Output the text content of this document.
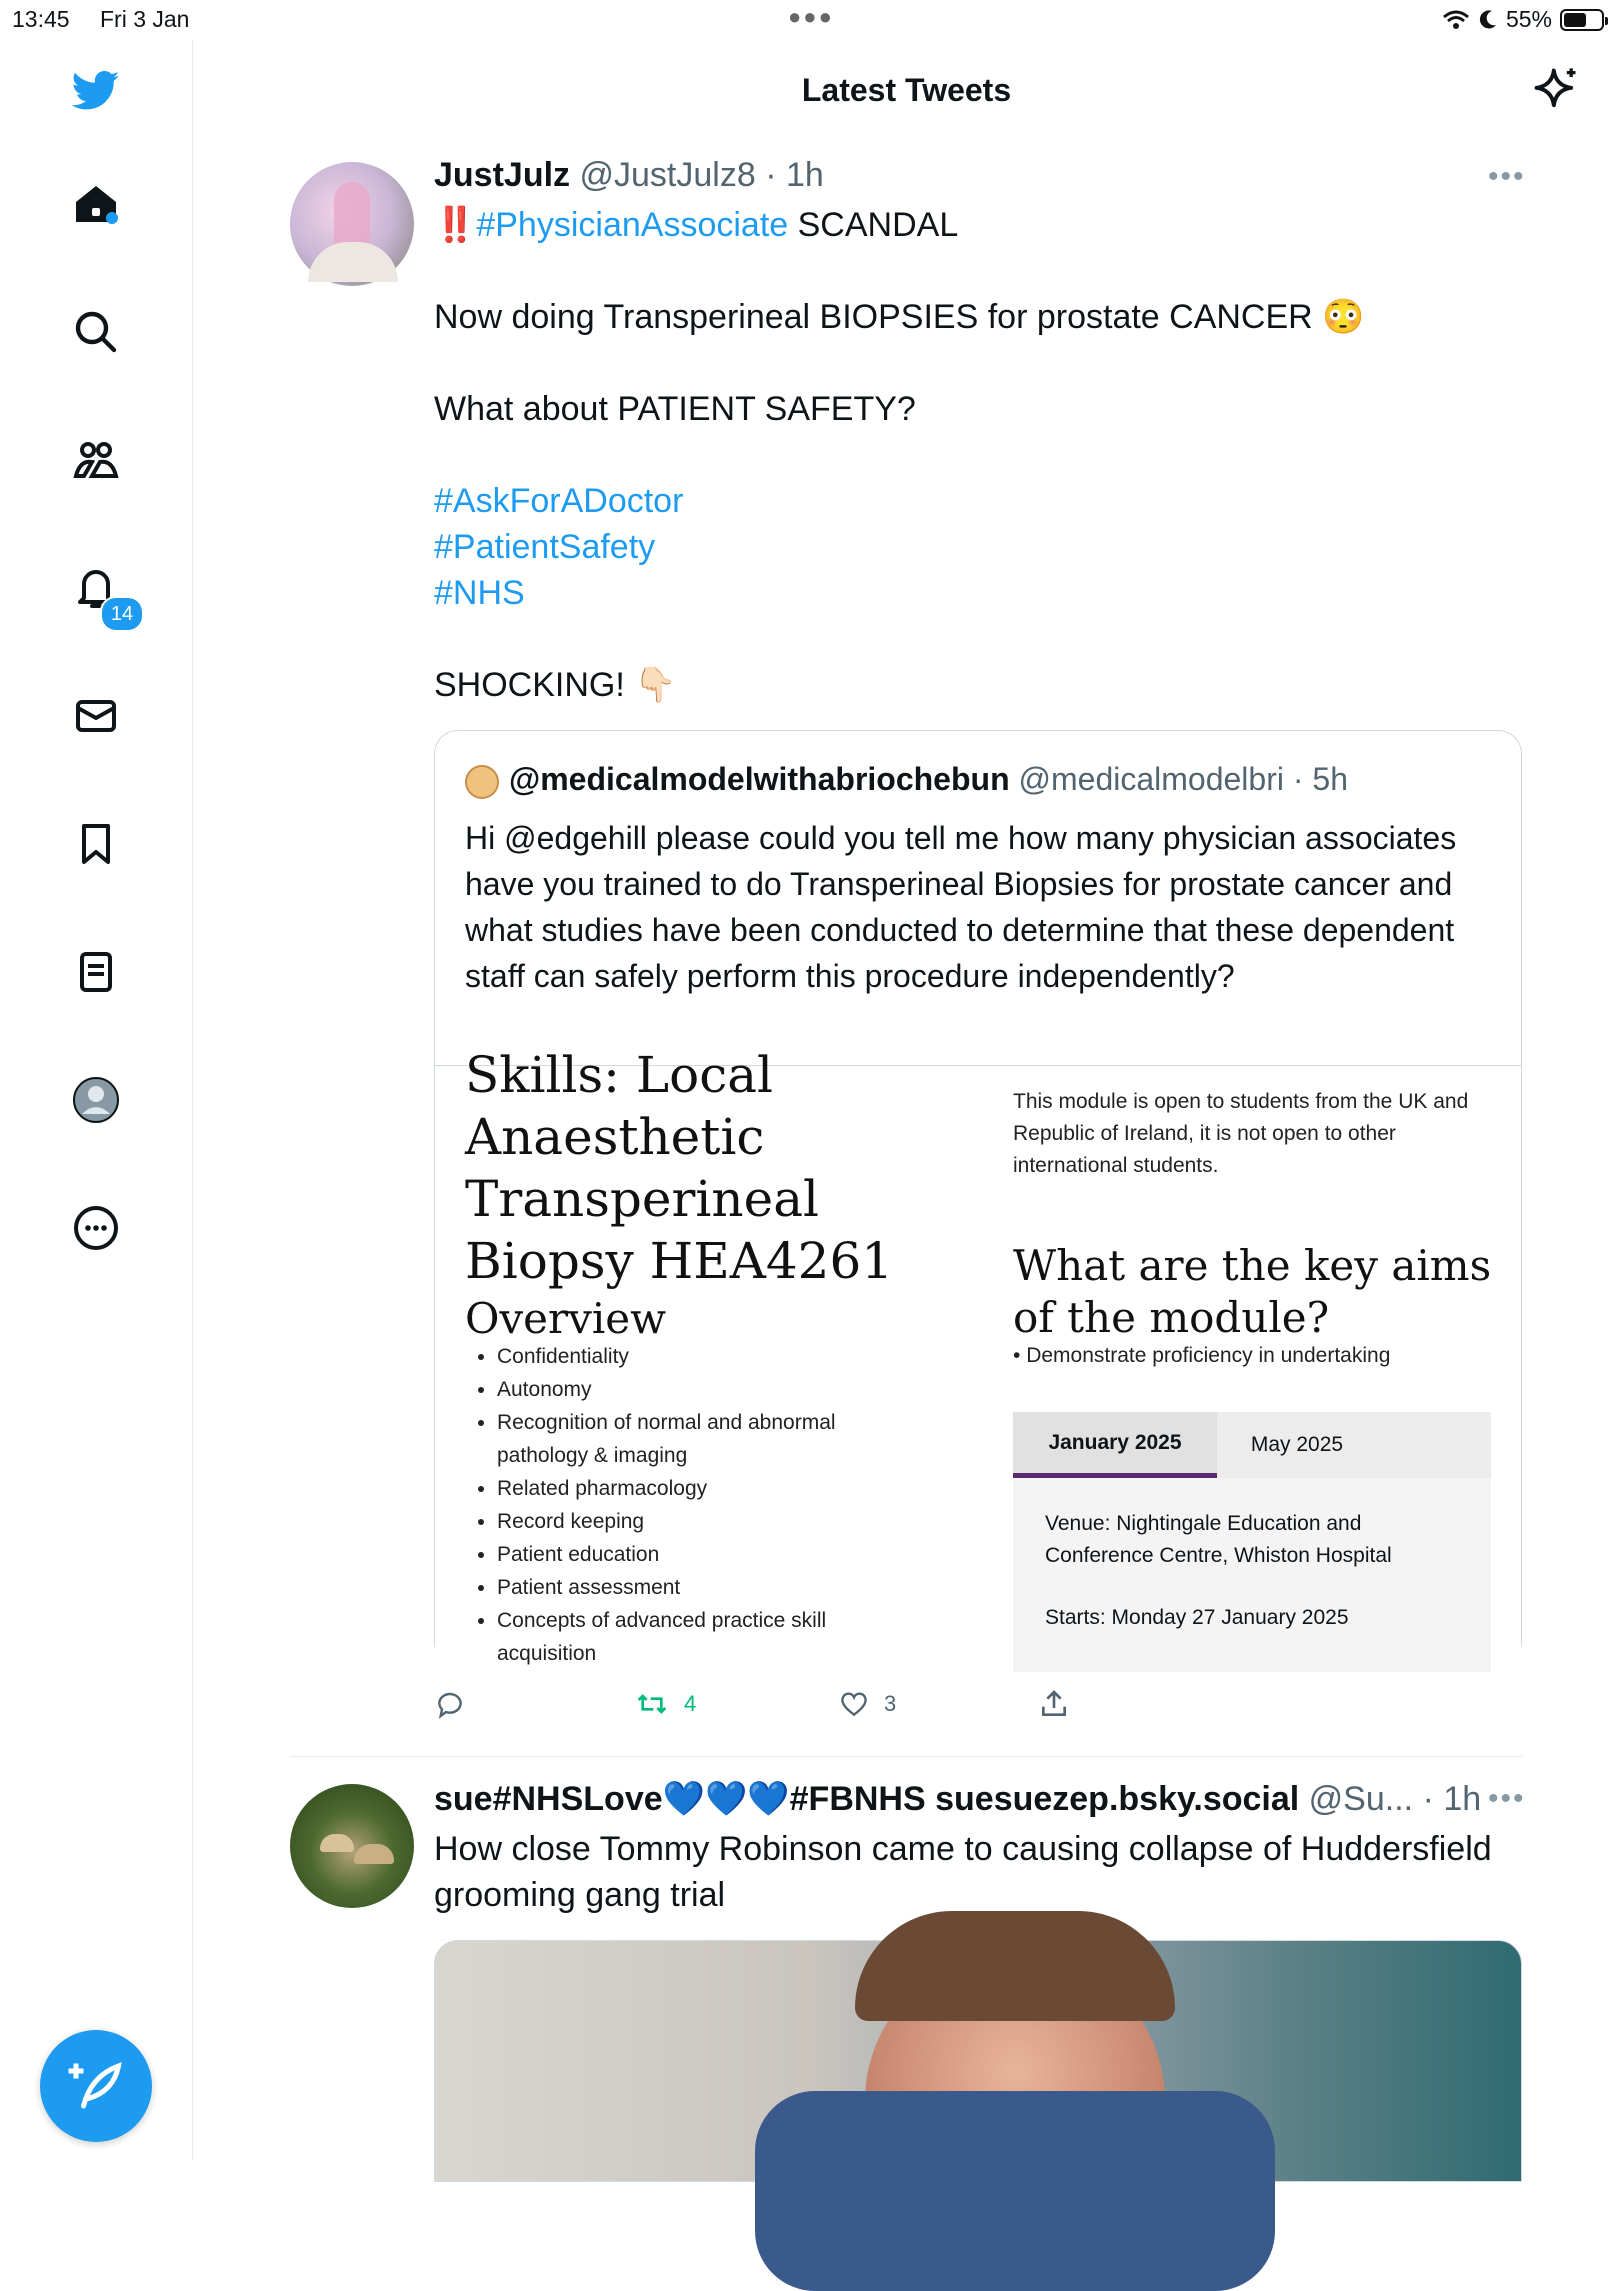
13:45 Fri 3 Jan	●●●	55%
14
Latest Tweets
JustJulz @JustJulz8 · 1h	•••
‼️#PhysicianAssociate SCANDAL
Now doing Transperineal BIOPSIES for prostate CANCER 😳
What about PATIENT SAFETY?
#AskForADoctor
#PatientSafety
#NHS
SHOCKING! 👇🏻
@medicalmodelwithabriochebun @medicalmodelbri · 5h
Hi @edgehill please could you tell me how many physician associates have you trained to do Transperineal Biopsies for prostate cancer and what studies have been conducted to determine that these dependent staff can safely perform this procedure independently?
Skills: Local
Anaesthetic
Transperineal
Biopsy HEA4261
Overview
• Confidentiality
• Autonomy
• Recognition of normal and abnormal pathology & imaging
• Related pharmacology
• Record keeping
• Patient education
• Patient assessment
• Concepts of advanced practice skill
acquisition
This module is open to students from the UK and Republic of Ireland, it is not open to other international students.
What are the key aims of the module?
• Demonstrate proficiency in undertaking
January 2025	May 2025
Venue: Nightingale Education and Conference Centre, Whiston Hospital
Starts: Monday 27 January 2025
4	3
sue#NHSLove💙💙💙#FBNHS suesuezep.bsky.social @Su... · 1h •••
How close Tommy Robinson came to causing collapse of Huddersfield grooming gang trial
